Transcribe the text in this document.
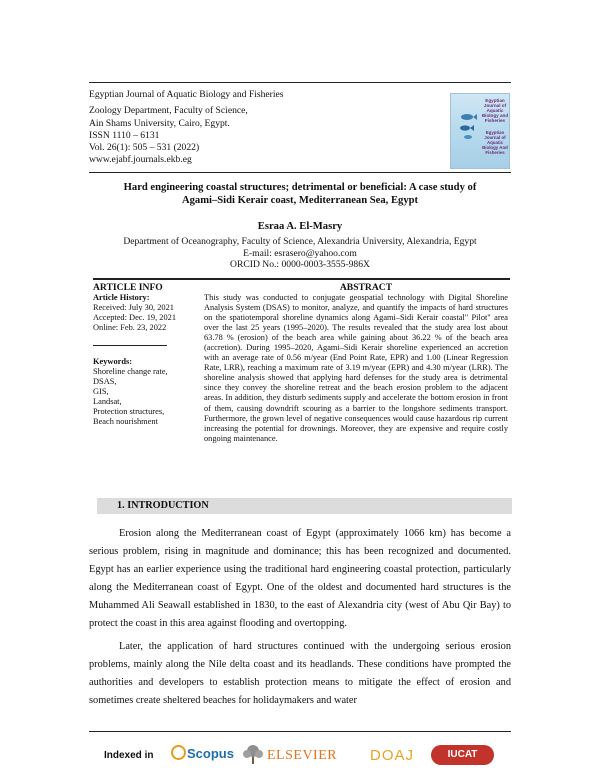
Egyptian Journal of Aquatic Biology and Fisheries
Zoology Department, Faculty of Science,
Ain Shams University, Cairo, Egypt.
ISSN 1110 – 6131
Vol. 26(1): 505 – 531 (2022)
www.ejabf.journals.ekb.eg
Egyptian Journal of Aquatic Biology and Fisheries
Egyptian Journal of Aquatic Biology And Fisheries
Hard engineering coastal structures; detrimental or beneficial: A case study of
Agami–Sidi Kerair coast, Mediterranean Sea, Egypt
Esraa A. El-Masry
Department of Oceanography, Faculty of Science, Alexandria University, Alexandria, Egypt
E-mail: esrasero@yahoo.com
ORCID No.: 0000-0003-3555-986X
ARTICLE INFO
Article History:
Received: July 30, 2021
Accepted: Dec. 19, 2021
Online: Feb. 23, 2022
Keywords:
Shoreline change rate,
DSAS,
GIS,
Landsat,
Protection structures,
Beach nourishment
ABSTRACT
This study was conducted to conjugate geospatial technology with Digital Shoreline Analysis System (DSAS) to monitor, analyze, and quantify the impacts of hard structures on the spatiotemporal shoreline dynamics along Agami–Sidi Kerair coastal" Pilot" area over the last 25 years (1995–2020). The results revealed that the study area lost about 63.78 % (erosion) of the beach area while gaining about 36.22 % of the beach area (accretion). During 1995–2020, Agami–Sidi Kerair shoreline experienced an accretion with an average rate of 0.56 m/year (End Point Rate, EPR) and 1.00 (Linear Regression Rate, LRR), reaching a maximum rate of 3.19 m/year (EPR) and 4.30 m/year (LRR). The shoreline analysis showed that applying hard defenses for the study area is detrimental since they convey the shoreline retreat and the beach erosion problem to the adjacent areas. In addition, they disturb sediments supply and accelerate the bottom erosion in front of them, causing downdrift scouring as a barrier to the longshore sediments transport. Furthermore, the grown level of negative consequences would cause hazardous rip current increasing the potential for drownings. Moreover, they are expensive and require costly ongoing maintenance.
1. INTRODUCTION

Erosion along the Mediterranean coast of Egypt (approximately 1066 km) has become a serious problem, rising in magnitude and dominance; this has been recognized and documented. Egypt has an earlier experience using the traditional hard engineering coastal protection, particularly along the Mediterranean coast of Egypt. One of the oldest and documented hard structures is the Muhammed Ali Seawall established in 1830, to the east of Alexandria city (west of Abu Qir Bay) to protect the coast in this area against flooding and overtopping.

Later, the application of hard structures continued with the undergoing serious erosion problems, mainly along the Nile delta coast and its headlands. These conditions have prompted the authorities and developers to establish protection means to mitigate the effect of erosion and sometimes create sheltered beaches for holidaymakers and water

Indexed in	Scopus ELSEVIER DOAJ	IUCAT
